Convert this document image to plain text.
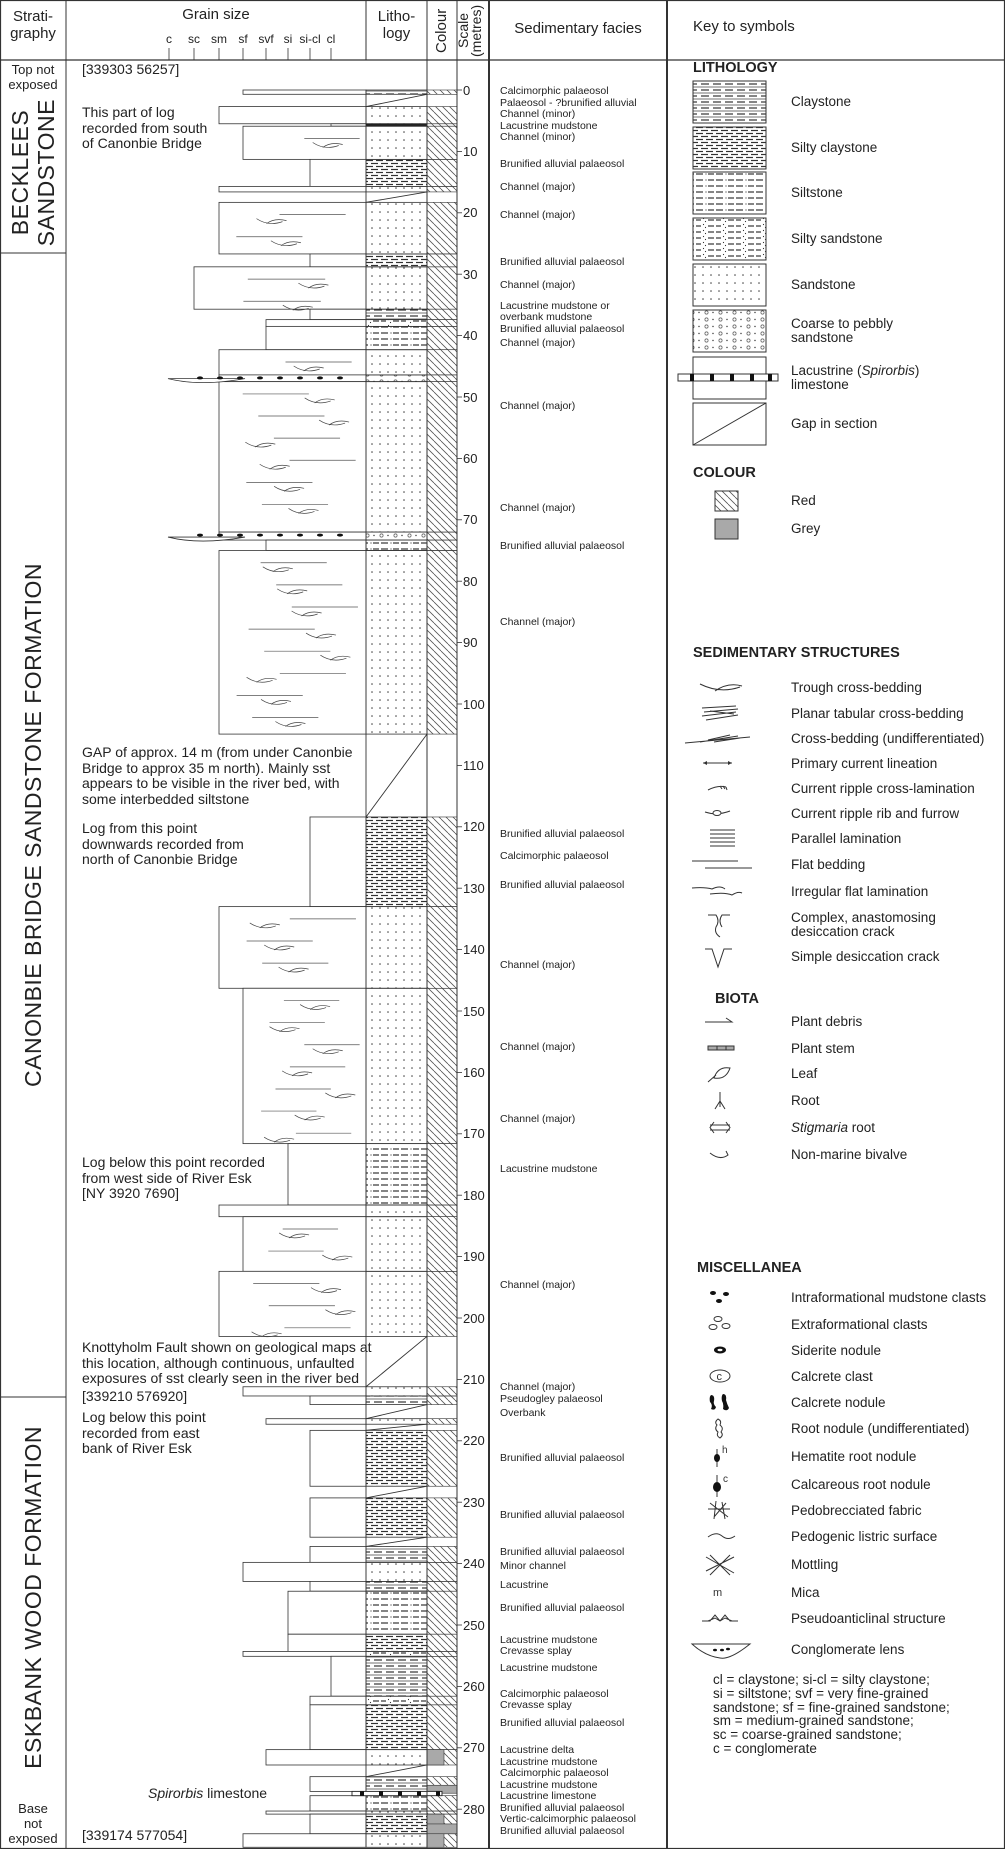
Strati-
graphy
Grain size
c sc sm sf svf si si-cl cl
Litho-
logy	Colour Scale
(metres)	Sedimentary facies	Key to symbols
Top not
exposed
BECKLEES
SANDSTONE
CANONBIE BRIDGE SANDSTONE FORMATION
ESKBANK WOOD FORMATION
Base
not
exposed
[339303 56257]
This part of log
recorded from south
of Canonbie Bridge
GAP of approx. 14 m (from under Canonbie
Bridge to approx 35 m north). Mainly sst
appears to be visible in the river bed, with
some interbedded siltstone
Log from this point
downwards recorded from
north of Canonbie Bridge
Log below this point recorded
from west side of River Esk
[NY 3920 7690]
Knottyholm Fault shown on geological maps at
this location, although continuous, unfaulted
exposures of sst clearly seen in the river bed
[339210 576920]
Log below this point
recorded from east
bank of River Esk
Spirorbis limestone
[339174 577054]
0
10
20
30
40
50
60
70
80
90
100
110
120
130
140
150
160
170
180
190
200
210
220
230
240
250
260
270
280
Calcimorphic palaeosol
Palaeosol - ?brunified alluvial
Channel (minor)
Lacustrine mudstone
Channel (minor)
Brunified alluvial palaeosol
Channel (major)
Channel (major)
Brunified alluvial palaeosol
Channel (major)
Lacustrine mudstone or
overbank mudstone
Brunified alluvial palaeosol
Channel (major)
Channel (major)
Channel (major)
Brunified alluvial palaeosol
Channel (major)
Brunified alluvial palaeosol
Calcimorphic palaeosol
Brunified alluvial palaeosol
Channel (major)
Channel (major)
Channel (major)
Lacustrine mudstone
Channel (major)
Channel (major)
Pseudogley palaeosol
Overbank
Brunified alluvial palaeosol
Brunified alluvial palaeosol
Brunified alluvial palaeosol
Minor channel
Lacustrine
Brunified alluvial palaeosol
Lacustrine mudstone
Crevasse splay
Lacustrine mudstone
Calcimorphic palaeosol
Crevasse splay
Brunified alluvial palaeosol
Lacustrine delta
Lacustrine mudstone
Calcimorphic palaeosol
Lacustrine mudstone
Lacustrine limestone
Brunified alluvial palaeosol
Vertic-calcimorphic palaeosol
Brunified alluvial palaeosol
LITHOLOGY
Claystone
Silty claystone
Siltstone
Silty sandstone
Sandstone
Coarse to pebbly
sandstone
Lacustrine (Spirorbis)
limestone
Gap in section
COLOUR
Red
Grey
SEDIMENTARY STRUCTURES
Trough cross-bedding
Planar tabular cross-bedding
Cross-bedding (undifferentiated)
Primary current lineation
Current ripple cross-lamination
Current ripple rib and furrow
Parallel lamination
Flat bedding
Irregular flat lamination
Complex, anastomosing
desiccation crack
Simple desiccation crack
BIOTA
Plant debris
Plant stem
Leaf
Root
Stigmaria root
Non-marine bivalve
MISCELLANEA
Intraformational mudstone clasts
Extraformational clasts
Siderite nodule
Calcrete clast
c
Calcrete nodule
Root nodule (undifferentiated)
Hematite root nodule
h
Calcareous root nodule
c
Pedobrecciated fabric
Pedogenic listric surface
Mottling
Mica
m
Pseudoanticlinal structure
Conglomerate lens
cl = claystone; si-cl = silty claystone;
si = siltstone; svf = very fine-grained
sandstone; sf = fine-grained sandstone;
sm = medium-grained sandstone;
sc = coarse-grained sandstone;
c = conglomerate
